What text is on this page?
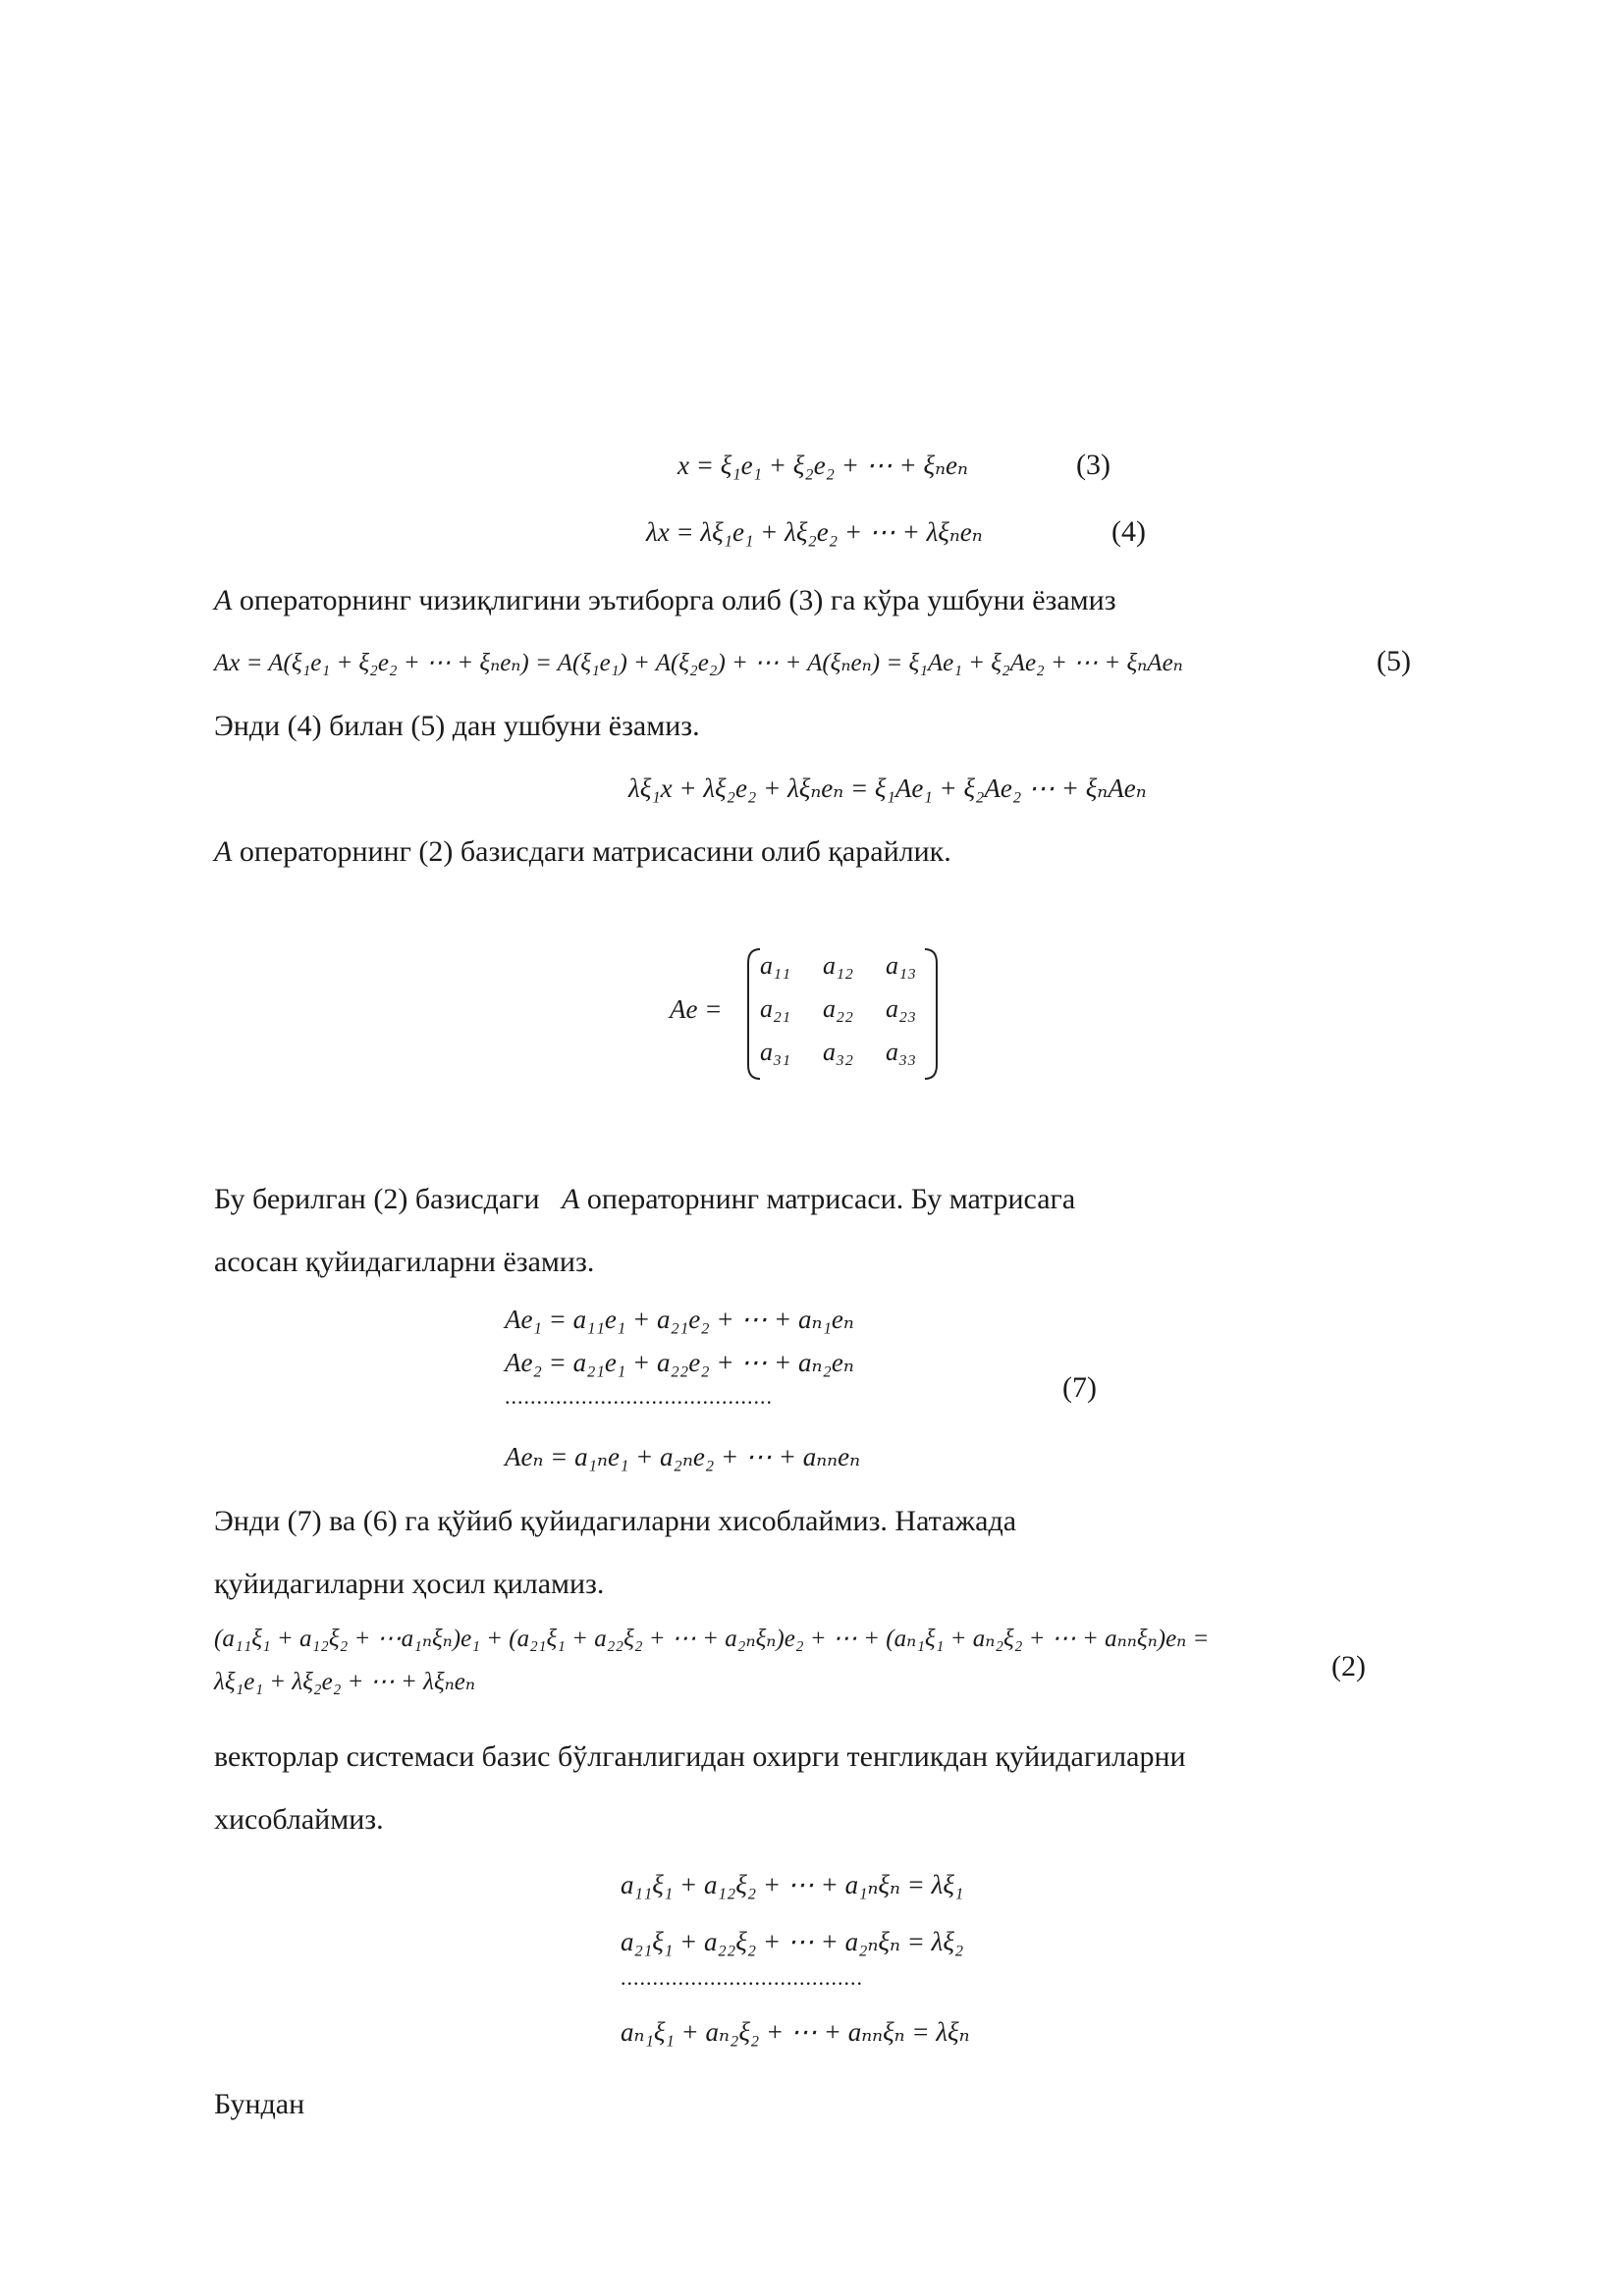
x = ξ₁e₁ + ξ₂e₂ + ⋯ + ξₙeₙ	(3)
λx = λξ₁e₁ + λξ₂e₂ + ⋯ + λξₙeₙ	(4)
A операторнинг чизиқлигини эътиборга олиб (3) га кўра ушбуни ёзамиз
Ax = A(ξ₁e₁ + ξ₂e₂ + ⋯ + ξₙeₙ) = A(ξ₁e₁) + A(ξ₂e₂) + ⋯ + A(ξₙeₙ) = ξ₁Ae₁ + ξ₂Ae₂ + ⋯ + ξₙAeₙ	(5)
Энди (4) билан (5) дан ушбуни ёзамиз.
λξ₁x + λξ₂e₂ + λξₙeₙ = ξ₁Ae₁ + ξ₂Ae₂ ⋯ + ξₙAeₙ
A операторнинг (2) базисдаги матрисасини олиб қарайлик.
Ae =
a₁₁ a₁₂ a₁₃
a₂₁ a₂₂ a₂₃
a₃₁ a₃₂ a₃₃
Бу берилган (2) базисдаги A операторнинг матрисаси. Бу матрисага
асосан қуйидагиларни ёзамиз.
Ae₁ = a₁₁e₁ + a₂₁e₂ + ⋯ + aₙ₁eₙ
Ae₂ = a₂₁e₁ + a₂₂e₂ + ⋯ + aₙ₂eₙ
..........................................
Aeₙ = a₁ₙe₁ + a₂ₙe₂ + ⋯ + aₙₙeₙ
(7)
Энди (7) ва (6) га қўйиб қуйидагиларни хисоблаймиз. Натажада
қуйидагиларни ҳосил қиламиз.
(a₁₁ξ₁ + a₁₂ξ₂ + ⋯a₁ₙξₙ)e₁ + (a₂₁ξ₁ + a₂₂ξ₂ + ⋯ + a₂ₙξₙ)e₂ + ⋯ + (aₙ₁ξ₁ + aₙ₂ξ₂ + ⋯ + aₙₙξₙ)eₙ =
λξ₁e₁ + λξ₂e₂ + ⋯ + λξₙeₙ	(2)
векторлар системаси базис бўлганлигидан охирги тенгликдан қуйидагиларни
хисоблаймиз.
a₁₁ξ₁ + a₁₂ξ₂ + ⋯ + a₁ₙξₙ = λξ₁
a₂₁ξ₁ + a₂₂ξ₂ + ⋯ + a₂ₙξₙ = λξ₂
......................................
aₙ₁ξ₁ + aₙ₂ξ₂ + ⋯ + aₙₙξₙ = λξₙ
Бундан
